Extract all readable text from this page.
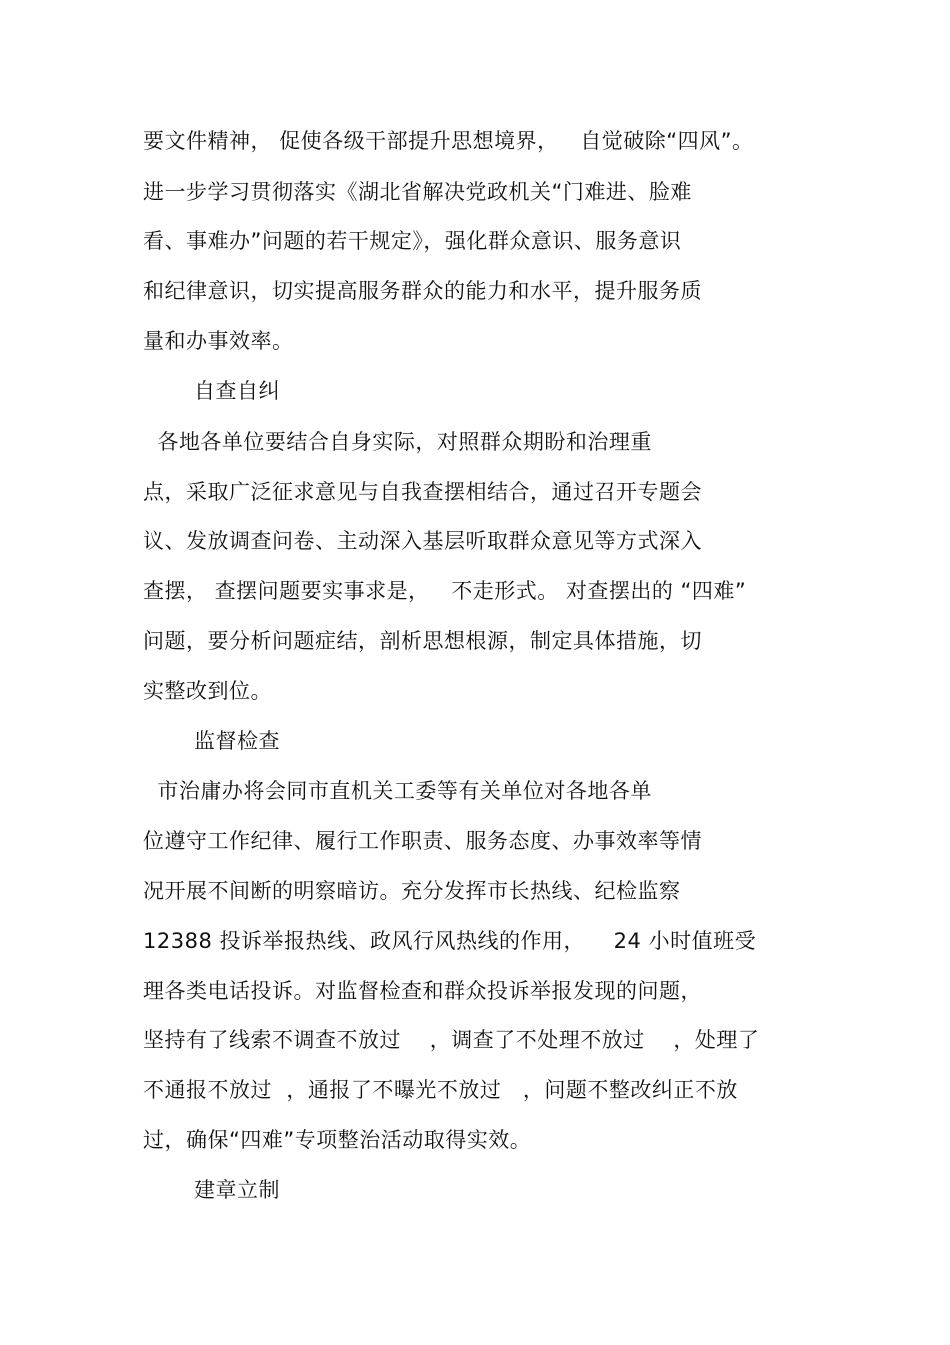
要文件精神， 促使各级干部提升思想境界，   自觉破除“四风”。
进一步学习贯彻落实《湖北省解决党政机关“门难进、脸难
看、事难办”问题的若干规定》，强化群众意识、服务意识
和纪律意识，切实提高服务群众的能力和水平，提升服务质
量和办事效率。
自查自纠
各地各单位要结合自身实际，对照群众期盼和治理重
点，采取广泛征求意见与自我查摆相结合，通过召开专题会
议、发放调查问卷、主动深入基层听取群众意见等方式深入
查摆， 查摆问题要实事求是，   不走形式。 对查摆出的 “四难”
问题，要分析问题症结，剖析思想根源，制定具体措施，切
实整改到位。
监督检查
市治庸办将会同市直机关工委等有关单位对各地各单
位遵守工作纪律、履行工作职责、服务态度、办事效率等情
况开展不间断的明察暗访。充分发挥市长热线、纪检监察
12388 投诉举报热线、政风行风热线的作用，    24 小时值班受
理各类电话投诉。对监督检查和群众投诉举报发现的问题，
坚持有了线索不调查不放过    ，调查了不处理不放过    ，处理了
不通报不放过  ，通报了不曝光不放过   ，问题不整改纠正不放
过，确保“四难”专项整治活动取得实效。
建章立制
